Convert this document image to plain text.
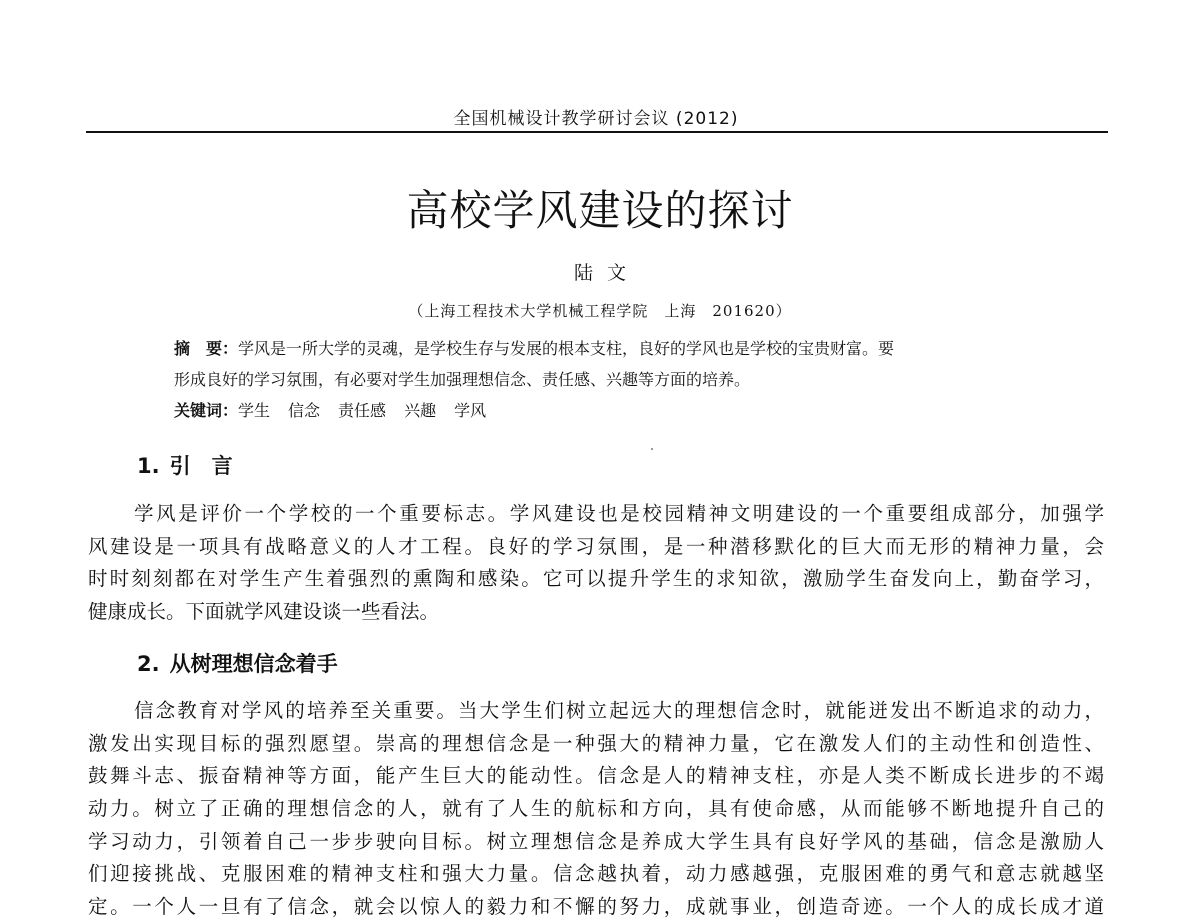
全国机械设计教学研讨会议 (2012)
高校学风建设的探讨
陆文
（上海工程技术大学机械工程学院　上海　201620）
摘　要：学风是一所大学的灵魂，是学校生存与发展的根本支柱，良好的学风也是学校的宝贵财富。要
形成良好的学习氛围，有必要对学生加强理想信念、责任感、兴趣等方面的培养。
关键词：学生 信念 责任感 兴趣 学风
1. 引　言
学风是评价一个学校的一个重要标志。学风建设也是校园精神文明建设的一个重要组成部分，加强学
风建设是一项具有战略意义的人才工程。良好的学习氛围，是一种潜移默化的巨大而无形的精神力量，会
时时刻刻都在对学生产生着强烈的熏陶和感染。它可以提升学生的求知欲，激励学生奋发向上，勤奋学习，
健康成长。下面就学风建设谈一些看法。
2. 从树理想信念着手
信念教育对学风的培养至关重要。当大学生们树立起远大的理想信念时，就能迸发出不断追求的动力，
激发出实现目标的强烈愿望。崇高的理想信念是一种强大的精神力量，它在激发人们的主动性和创造性、
鼓舞斗志、振奋精神等方面，能产生巨大的能动性。信念是人的精神支柱，亦是人类不断成长进步的不竭
动力。树立了正确的理想信念的人，就有了人生的航标和方向，具有使命感，从而能够不断地提升自己的
学习动力，引领着自己一步步驶向目标。树立理想信念是养成大学生具有良好学风的基础，信念是激励人
们迎接挑战、克服困难的精神支柱和强大力量。信念越执着，动力感越强，克服困难的勇气和意志就越坚
定。一个人一旦有了信念，就会以惊人的毅力和不懈的努力，成就事业，创造奇迹。一个人的成长成才道
